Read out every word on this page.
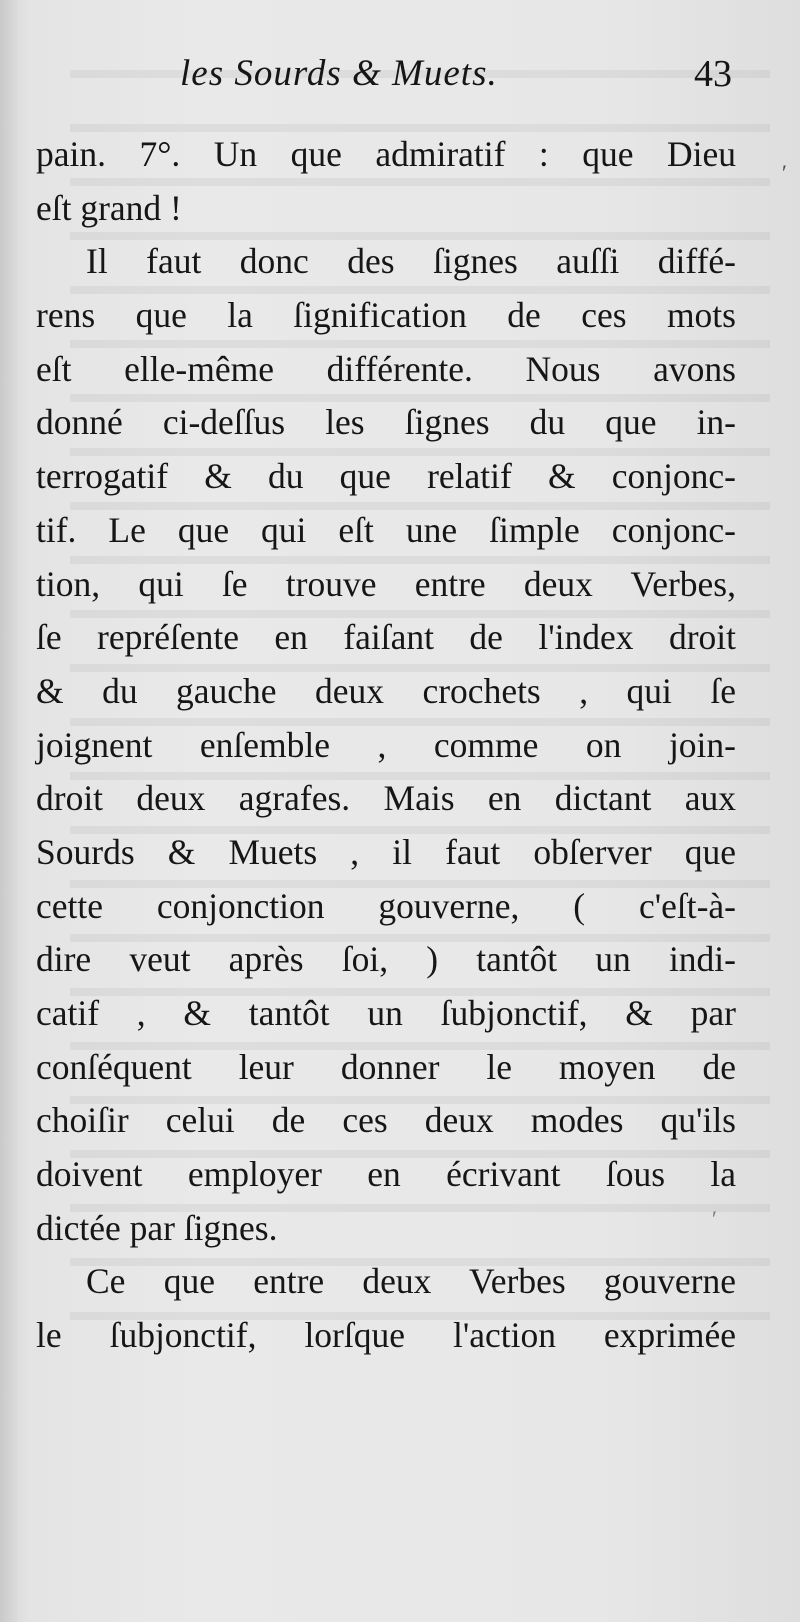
les Sourds & Muets.	43
pain. 7°. Un que admiratif : que Dieu
eſt grand !
Il faut donc des ſignes auſſi diffé-
rens que la ſignification de ces mots
eſt elle-même différente. Nous avons
donné ci-deſſus les ſignes du que in-
terrogatif & du que relatif & conjonc-
tif. Le que qui eſt une ſimple conjonc-
tion, qui ſe trouve entre deux Verbes,
ſe repréſente en faiſant de l'index droit
& du gauche deux crochets , qui ſe
joignent enſemble , comme on join-
droit deux agrafes. Mais en dictant aux
Sourds & Muets , il faut obſerver que
cette conjonction gouverne, ( c'eſt-à-
dire veut après ſoi, ) tantôt un indi-
catif , & tantôt un ſubjonctif, & par
conſéquent leur donner le moyen de
choiſir celui de ces deux modes qu'ils
doivent employer en écrivant ſous la
dictée par ſignes.
Ce que entre deux Verbes gouverne
le ſubjonctif, lorſque l'action exprimée
′
′
